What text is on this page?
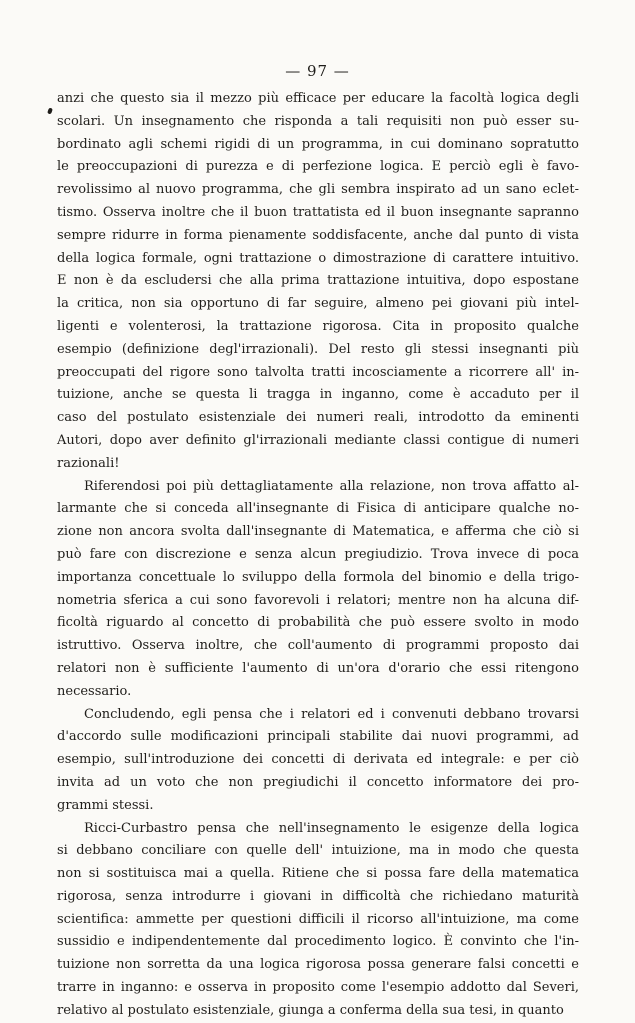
— 97 —
anzi che questo sia il mezzo più efficace per educare la facoltà logica degli
scolari. Un insegnamento che risponda a tali requisiti non può esser su-
bordinato agli schemi rigidi di un programma, in cui dominano sopratutto
le preoccupazioni di purezza e di perfezione logica. E perciò egli è favo-
revolissimo al nuovo programma, che gli sembra inspirato ad un sano eclet-
tismo. Osserva inoltre che il buon trattatista ed il buon insegnante sapranno
sempre ridurre in forma pienamente soddisfacente, anche dal punto di vista
della logica formale, ogni trattazione o dimostrazione di carattere intuitivo.
E non è da escludersi che alla prima trattazione intuitiva, dopo espostane
la critica, non sia opportuno di far seguire, almeno pei giovani più intel-
ligenti e volenterosi, la trattazione rigorosa. Cita in proposito qualche
esempio (definizione degl'irrazionali). Del resto gli stessi insegnanti più
preoccupati del rigore sono talvolta tratti incosciamente a ricorrere all' in-
tuizione, anche se questa li tragga in inganno, come è accaduto per il
caso del postulato esistenziale dei numeri reali, introdotto da eminenti
Autori, dopo aver definito gl'irrazionali mediante classi contigue di numeri
razionali!
Riferendosi poi più dettagliatamente alla relazione, non trova affatto al-
larmante che si conceda all'insegnante di Fisica di anticipare qualche no-
zione non ancora svolta dall'insegnante di Matematica, e afferma che ciò si
può fare con discrezione e senza alcun pregiudizio. Trova invece di poca
importanza concettuale lo sviluppo della formola del binomio e della trigo-
nometria sferica a cui sono favorevoli i relatori; mentre non ha alcuna dif-
ficoltà riguardo al concetto di probabilità che può essere svolto in modo
istruttivo. Osserva inoltre, che coll'aumento di programmi proposto dai
relatori non è sufficiente l'aumento di un'ora d'orario che essi ritengono
necessario.
Concludendo, egli pensa che i relatori ed i convenuti debbano trovarsi
d'accordo sulle modificazioni principali stabilite dai nuovi programmi, ad
esempio, sull'introduzione dei concetti di derivata ed integrale: e per ciò
invita ad un voto che non pregiudichi il concetto informatore dei pro-
grammi stessi.
Ricci-Curbastro pensa che nell'insegnamento le esigenze della logica
si debbano conciliare con quelle dell' intuizione, ma in modo che questa
non si sostituisca mai a quella. Ritiene che si possa fare della matematica
rigorosa, senza introdurre i giovani in difficoltà che richiedano maturità
scientifica: ammette per questioni difficili il ricorso all'intuizione, ma come
sussidio e indipendentemente dal procedimento logico. È convinto che l'in-
tuizione non sorretta da una logica rigorosa possa generare falsi concetti e
trarre in inganno: e osserva in proposito come l'esempio addotto dal Severi,
relativo al postulato esistenziale, giunga a conferma della sua tesi, in quanto
